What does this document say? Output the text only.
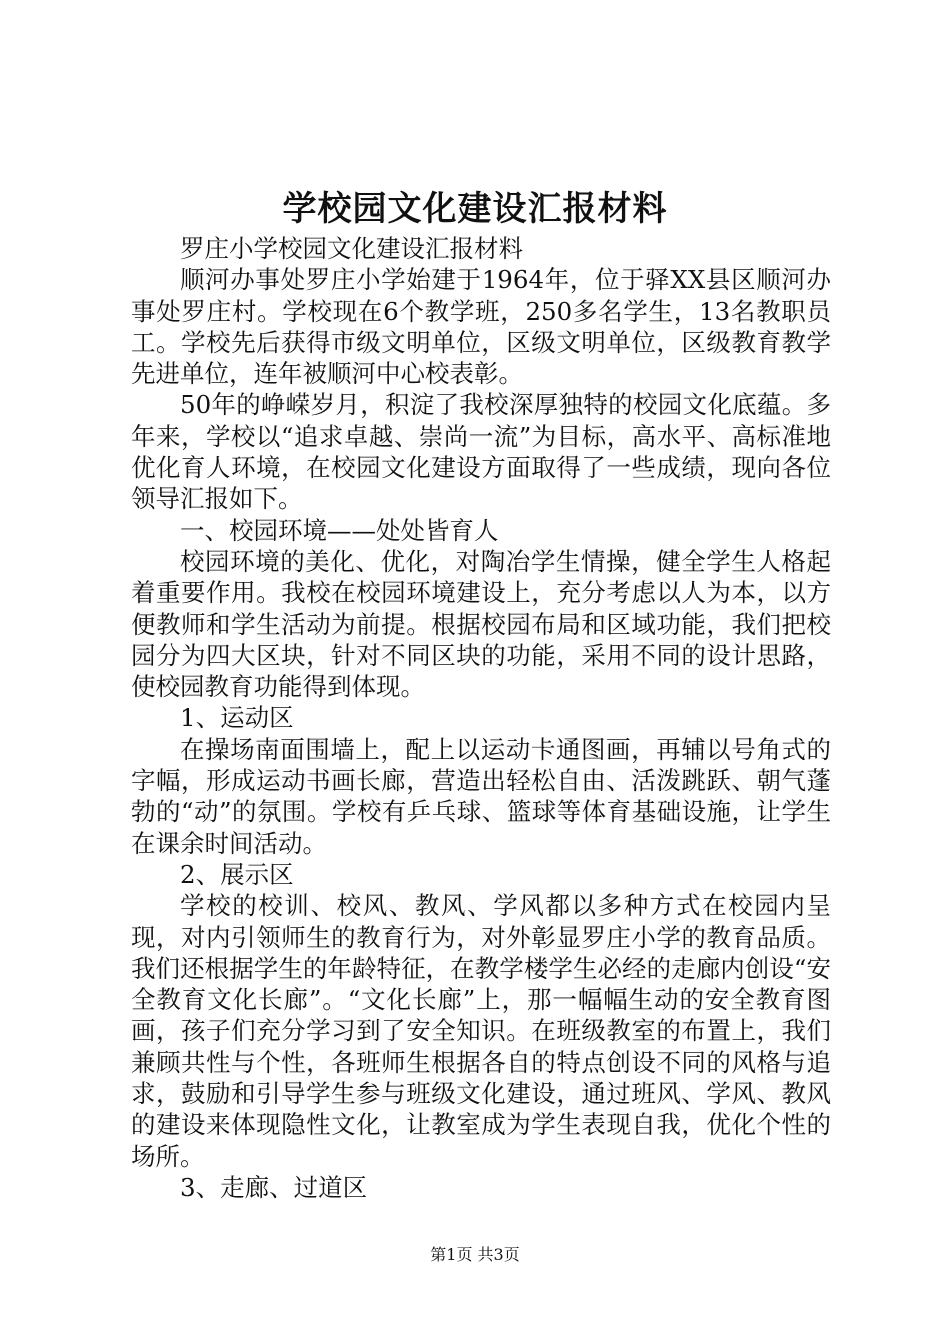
学校园文化建设汇报材料

罗庄小学校园文化建设汇报材料

顺河办事处罗庄小学始建于1964年，位于驿XX县区顺河办事处罗庄村。学校现在6个教学班，250多名学生，13名教职员工。学校先后获得市级文明单位，区级文明单位，区级教育教学先进单位，连年被顺河中心校表彰。

50年的峥嵘岁月，积淀了我校深厚独特的校园文化底蕴。多年来，学校以“追求卓越、崇尚一流”为目标，高水平、高标准地优化育人环境，在校园文化建设方面取得了一些成绩，现向各位领导汇报如下。

一、校园环境——处处皆育人

校园环境的美化、优化，对陶冶学生情操，健全学生人格起着重要作用。我校在校园环境建设上，充分考虑以人为本，以方便教师和学生活动为前提。根据校园布局和区域功能，我们把校园分为四大区块，针对不同区块的功能，采用不同的设计思路，使校园教育功能得到体现。

1、运动区

在操场南面围墙上，配上以运动卡通图画，再辅以号角式的字幅，形成运动书画长廊，营造出轻松自由、活泼跳跃、朝气蓬勃的“动”的氛围。学校有乒乓球、篮球等体育基础设施，让学生在课余时间活动。

2、展示区

学校的校训、校风、教风、学风都以多种方式在校园内呈现，对内引领师生的教育行为，对外彰显罗庄小学的教育品质。我们还根据学生的年龄特征，在教学楼学生必经的走廊内创设“安全教育文化长廊”。“文化长廊”上，那一幅幅生动的安全教育图画，孩子们充分学习到了安全知识。在班级教室的布置上，我们兼顾共性与个性，各班师生根据各自的特点创设不同的风格与追求，鼓励和引导学生参与班级文化建设，通过班风、学风、教风的建设来体现隐性文化，让教室成为学生表现自我，优化个性的场所。

3、走廊、过道区

第1页 共3页
